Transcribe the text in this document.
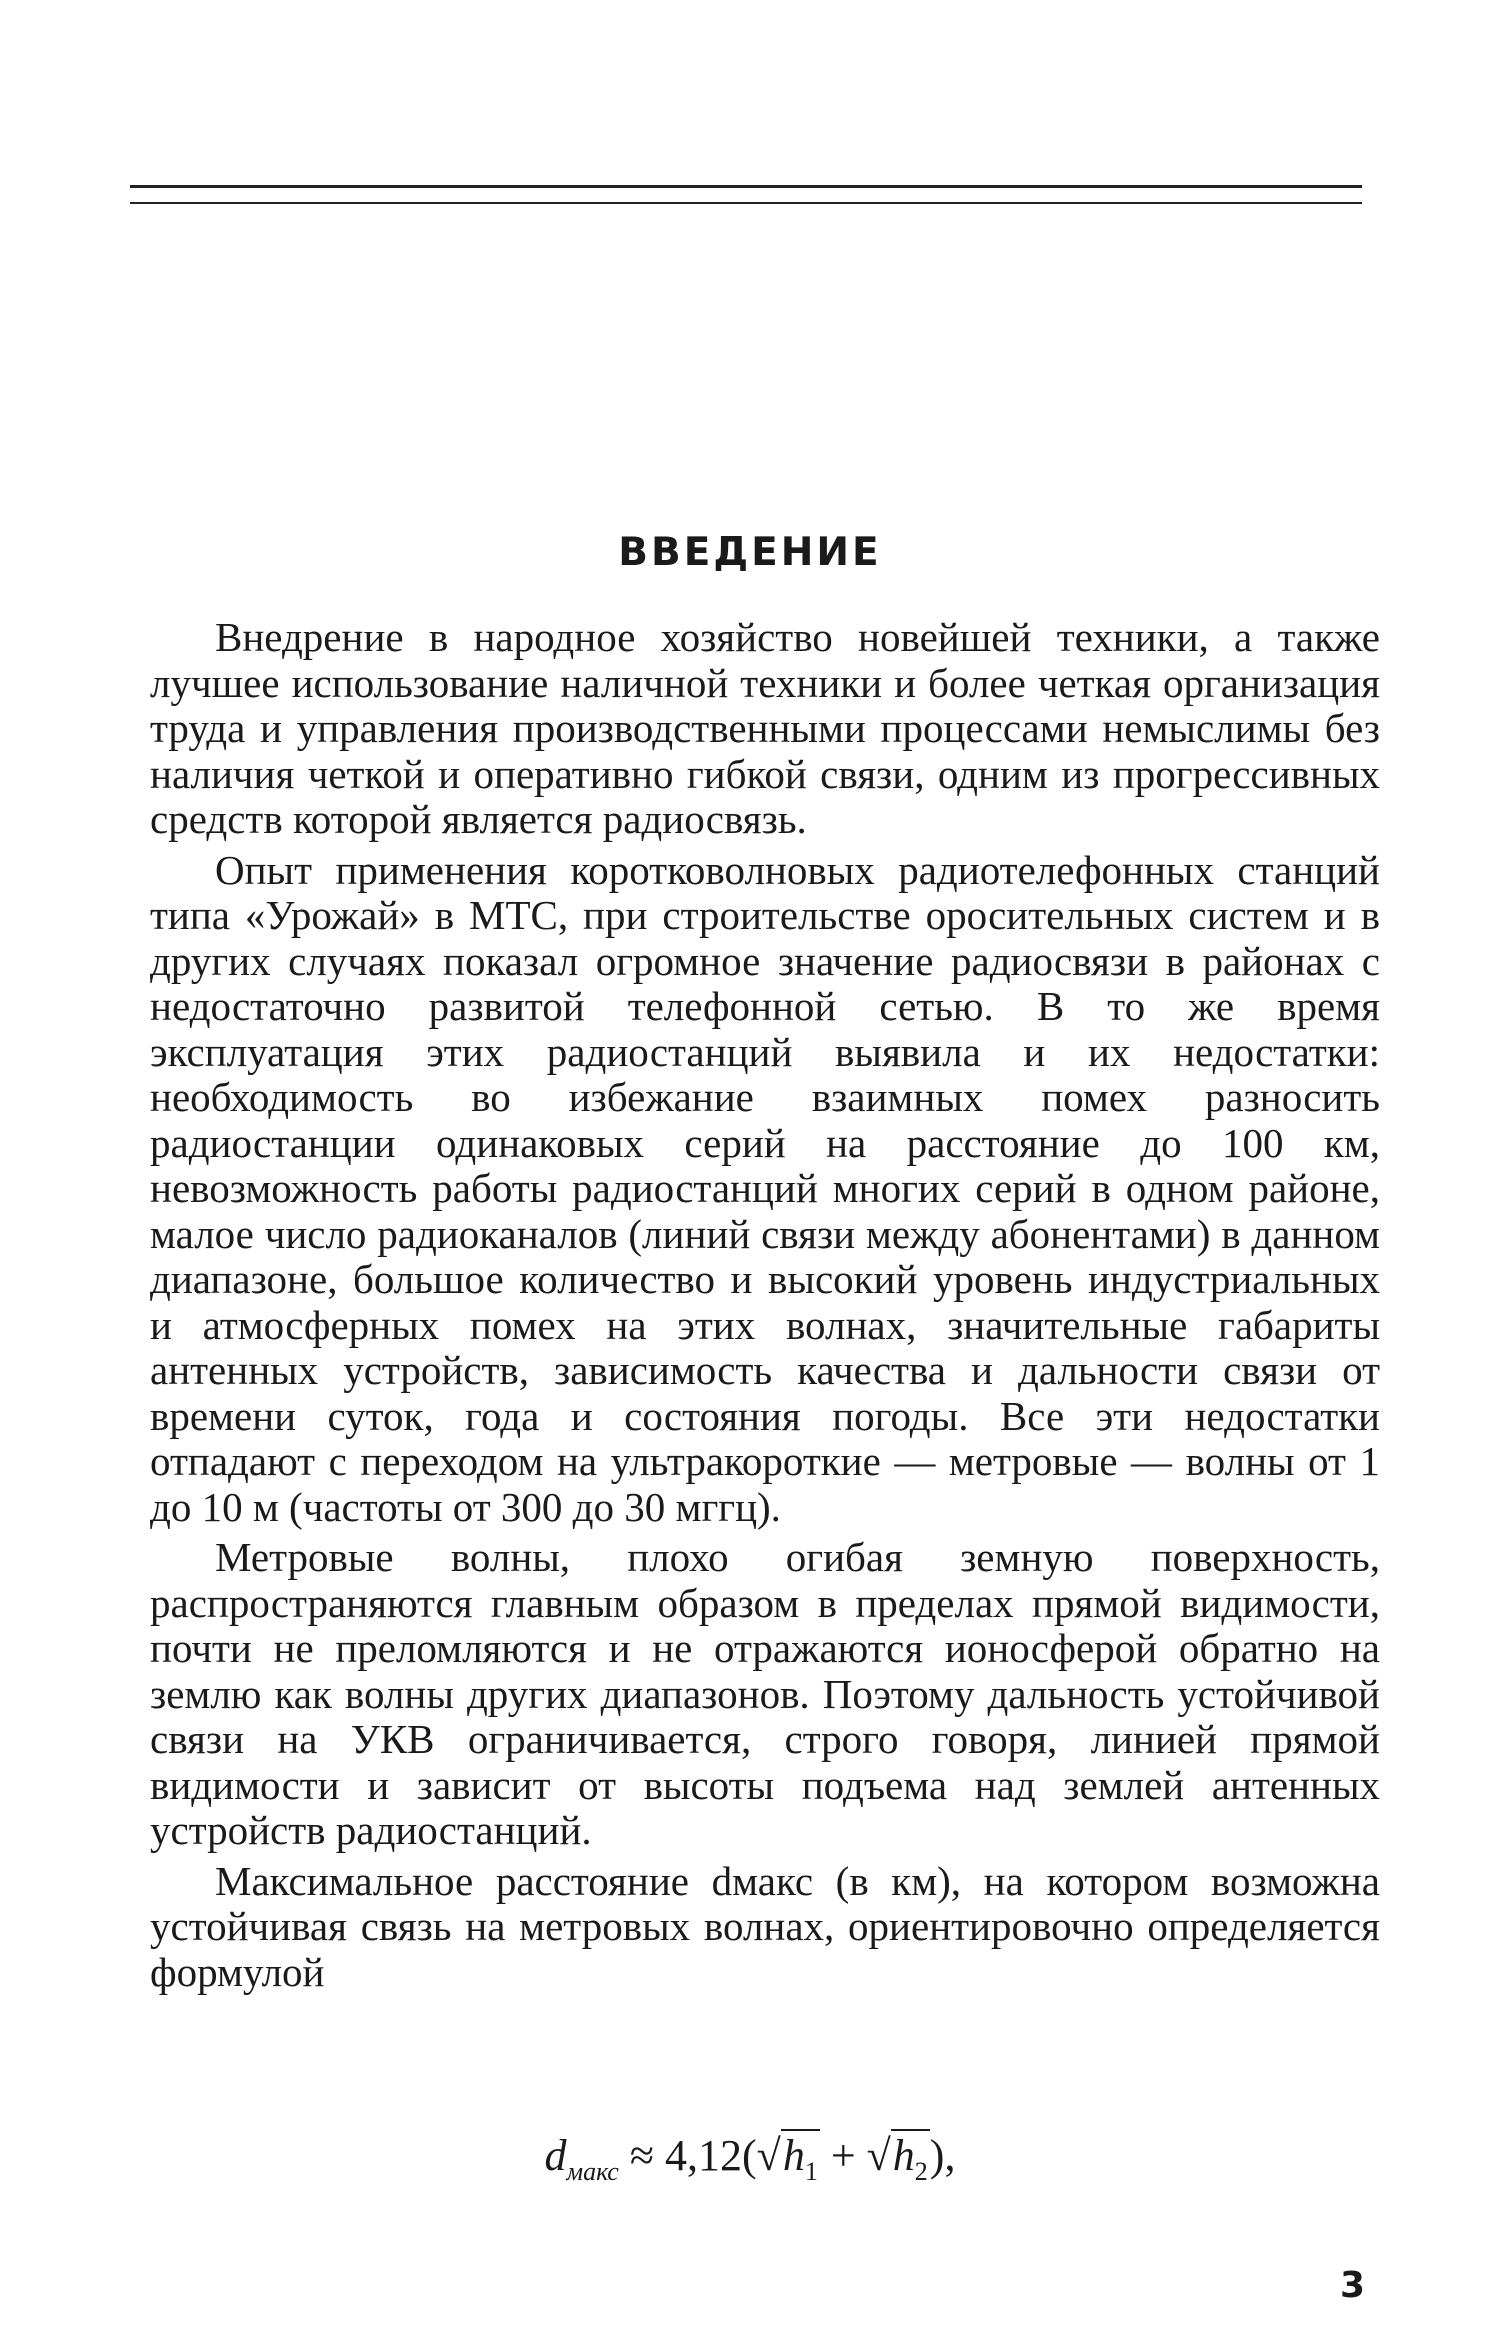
ВВЕДЕНИЕ

Внедрение в народное хозяйство новейшей техники, а также лучшее использование наличной техники и более четкая организация труда и управления производственными процессами немыслимы без наличия четкой и оперативно гибкой связи, одним из прогрессивных средств которой является радиосвязь.

Опыт применения коротковолновых радиотелефонных станций типа «Урожай» в МТС, при строительстве оросительных систем и в других случаях показал огромное значение радиосвязи в районах с недостаточно развитой телефонной сетью. В то же время эксплуатация этих радиостанций выявила и их недостатки: необходимость во избежание взаимных помех разносить радиостанции одинаковых серий на расстояние до 100 км, невозможность работы радиостанций многих серий в одном районе, малое число радиоканалов (линий связи между абонентами) в данном диапазоне, большое количество и высокий уровень индустриальных и атмосферных помех на этих волнах, значительные габариты антенных устройств, зависимость качества и дальности связи от времени суток, года и состояния погоды. Все эти недостатки отпадают с переходом на ультракороткие — метровые — волны от 1 до 10 м (частоты от 300 до 30 мггц).

Метровые волны, плохо огибая земную поверхность, распространяются главным образом в пределах прямой видимости, почти не преломляются и не отражаются ионосферой обратно на землю как волны других диапазонов. Поэтому дальность устойчивой связи на УКВ ограничивается, строго говоря, линией прямой видимости и зависит от высоты подъема над землей антенных устройств радиостанций.

Максимальное расстояние dмакс (в км), на котором возможна устойчивая связь на метровых волнах, ориентировочно определяется формулой

$d_{макс} \approx 4,12(√h_1 + √h_2)$,
3
